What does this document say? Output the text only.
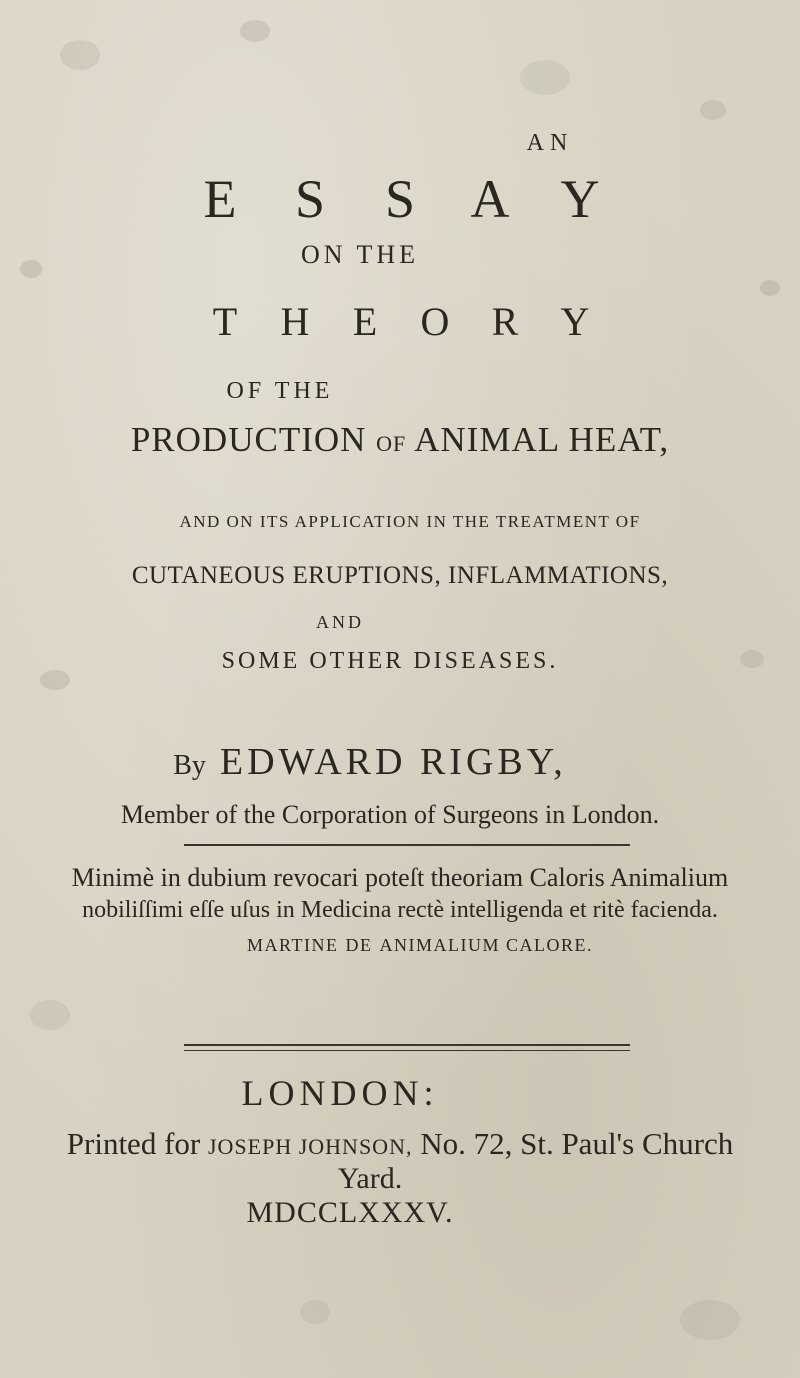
AN
E S S A Y
ON THE
T H E O R Y
OF THE
PRODUCTION OF ANIMAL HEAT,
AND ON ITS APPLICATION IN THE TREATMENT OF
CUTANEOUS ERUPTIONS, INFLAMMATIONS,
AND
SOME OTHER DISEASES.
By EDWARD RIGBY,
Member of the Corporation of Surgeons in London.
Minimè in dubium revocari poteſt theoriam Caloris Animalium
nobiliſſimi eſſe uſus in Medicina rectè intelligenda et ritè facienda.
MARTINE DE ANIMALIUM CALORE.
LONDON:
Printed for JOSEPH JOHNSON, No. 72, St. Paul's Church
Yard.
MDCCLXXXV.
